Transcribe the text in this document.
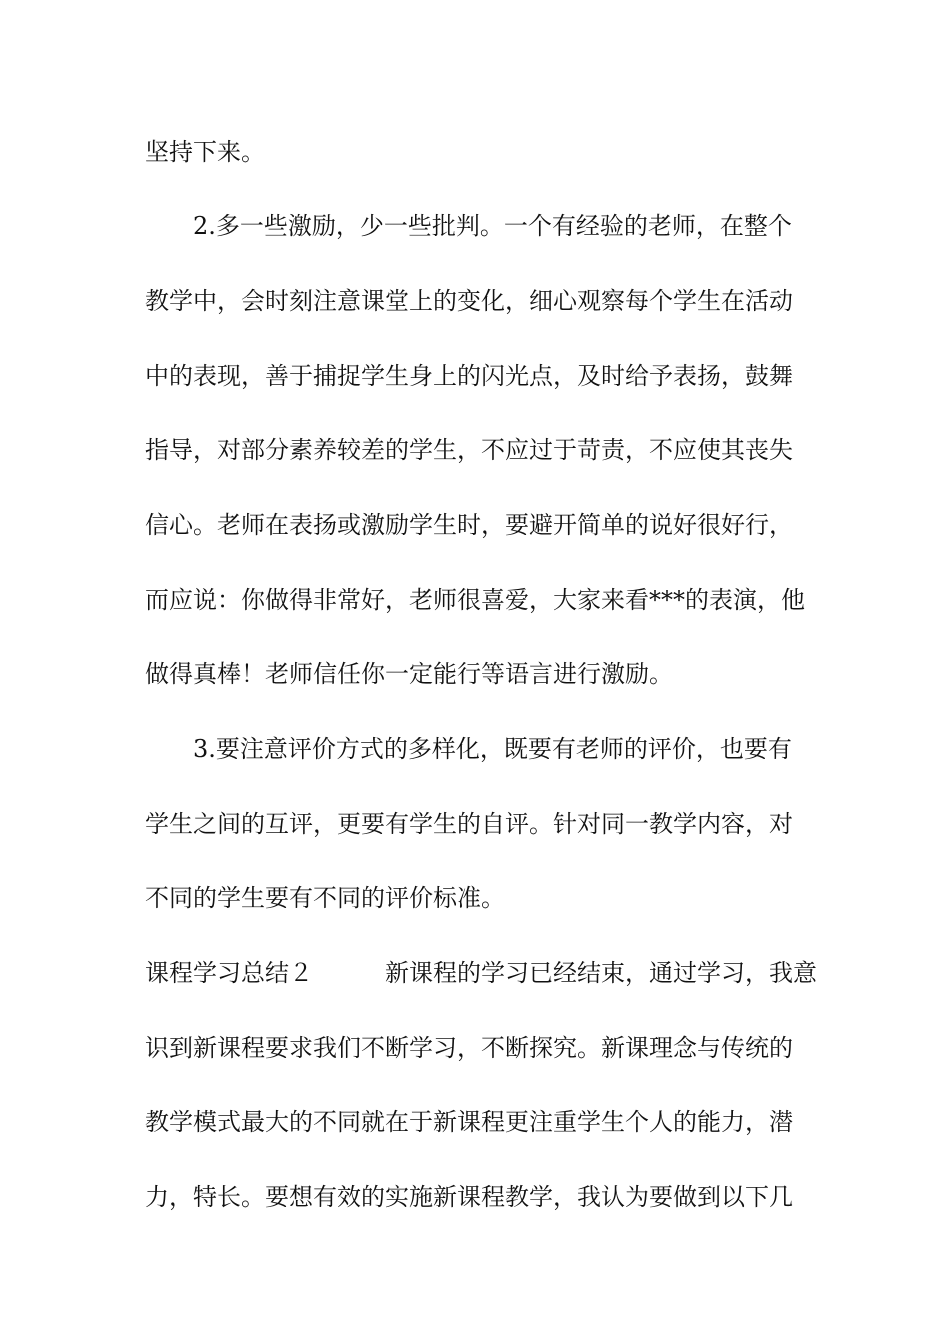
坚持下来。
2.多一些激励，少一些批判。一个有经验的老师，在整个
教学中，会时刻注意课堂上的变化，细心观察每个学生在活动
中的表现，善于捕捉学生身上的闪光点，及时给予表扬，鼓舞
指导，对部分素养较差的学生，不应过于苛责，不应使其丧失
信心。老师在表扬或激励学生时，要避开简单的说好很好行，
而应说：你做得非常好，老师很喜爱，大家来看***的表演，他
做得真棒！老师信任你一定能行等语言进行激励。
3.要注意评价方式的多样化，既要有老师的评价，也要有
学生之间的互评，更要有学生的自评。针对同一教学内容，对
不同的学生要有不同的评价标准。
课程学习总结２　　　新课程的学习已经结束，通过学习，我意
识到新课程要求我们不断学习，不断探究。新课理念与传统的
教学模式最大的不同就在于新课程更注重学生个人的能力，潜
力，特长。要想有效的实施新课程教学，我认为要做到以下几
